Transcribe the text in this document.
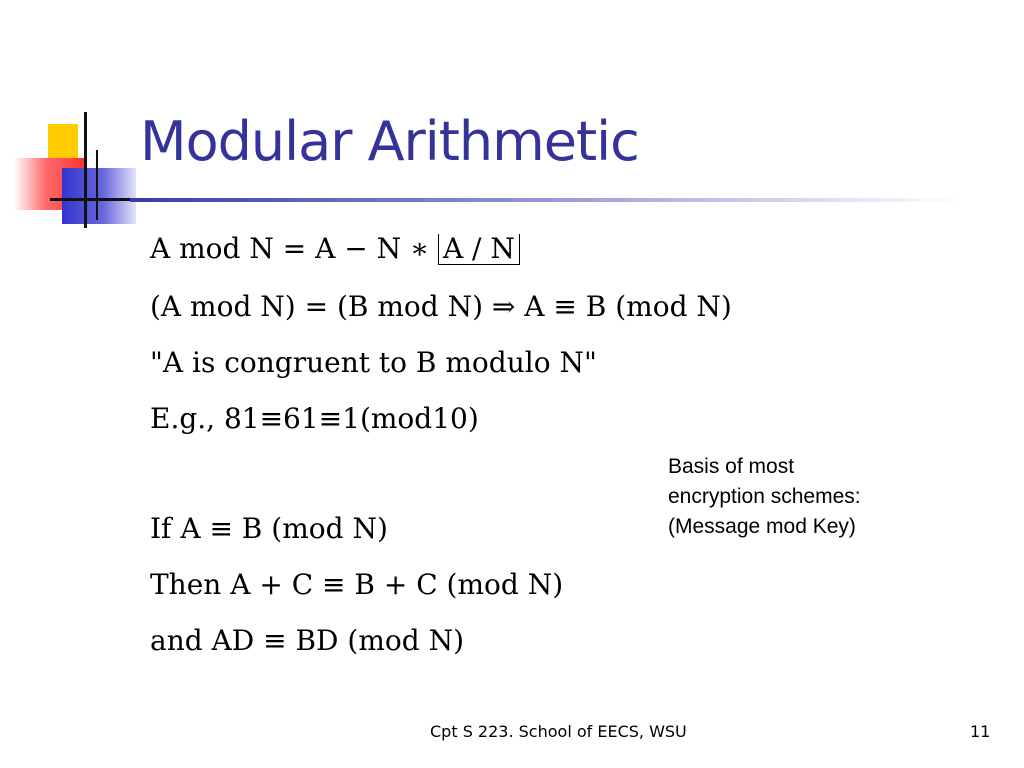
Modular Arithmetic
A mod N = A − N ∗ A / N
(A mod N) = (B mod N) ⇒ A ≡ B (mod N)
"A is congruent to B modulo N"
E.g., 81≡61≡1(mod10)
If A ≡ B (mod N)
Then A + C ≡ B + C (mod N)
and AD ≡ BD (mod N)
Basis of most
encryption schemes:
(Message mod Key)
Cpt S 223. School of EECS, WSU	11
